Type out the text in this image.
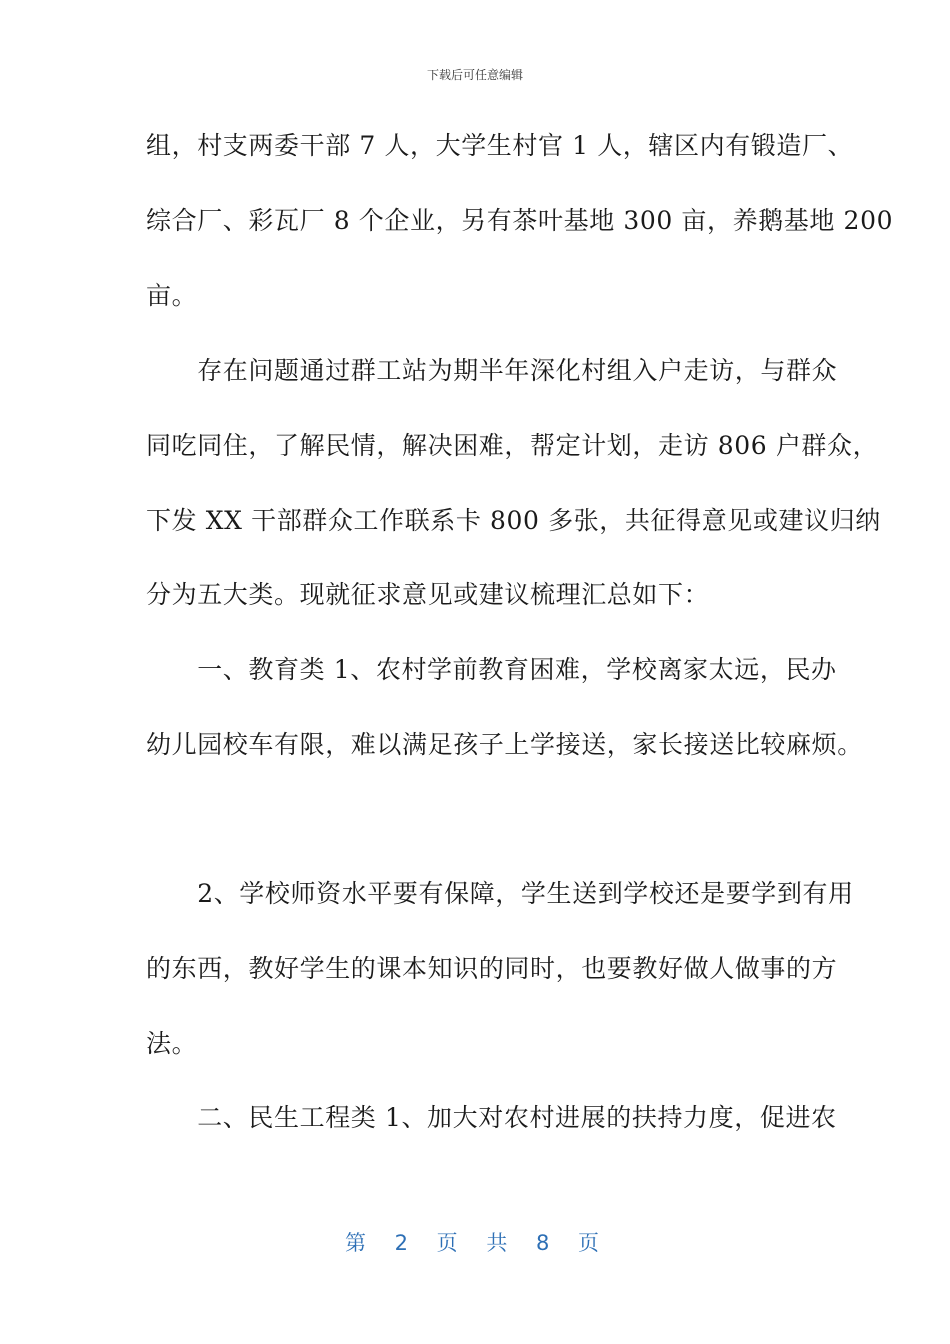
下载后可任意编辑
组，村支两委干部 7 人，大学生村官 1 人，辖区内有锻造厂、
综合厂、彩瓦厂 8 个企业，另有茶叶基地 300 亩，养鹅基地 200
亩。
　　存在问题通过群工站为期半年深化村组入户走访，与群众
同吃同住，了解民情，解决困难，帮定计划，走访 806 户群众，
下发 XX 干部群众工作联系卡 800 多张，共征得意见或建议归纳
分为五大类。现就征求意见或建议梳理汇总如下：
　　一、教育类 1、农村学前教育困难，学校离家太远，民办
幼儿园校车有限，难以满足孩子上学接送，家长接送比较麻烦。
　　2、学校师资水平要有保障，学生送到学校还是要学到有用
的东西，教好学生的课本知识的同时，也要教好做人做事的方
法。
　　二、民生工程类 1、加大对农村进展的扶持力度，促进农
第 2 页 共 8 页
